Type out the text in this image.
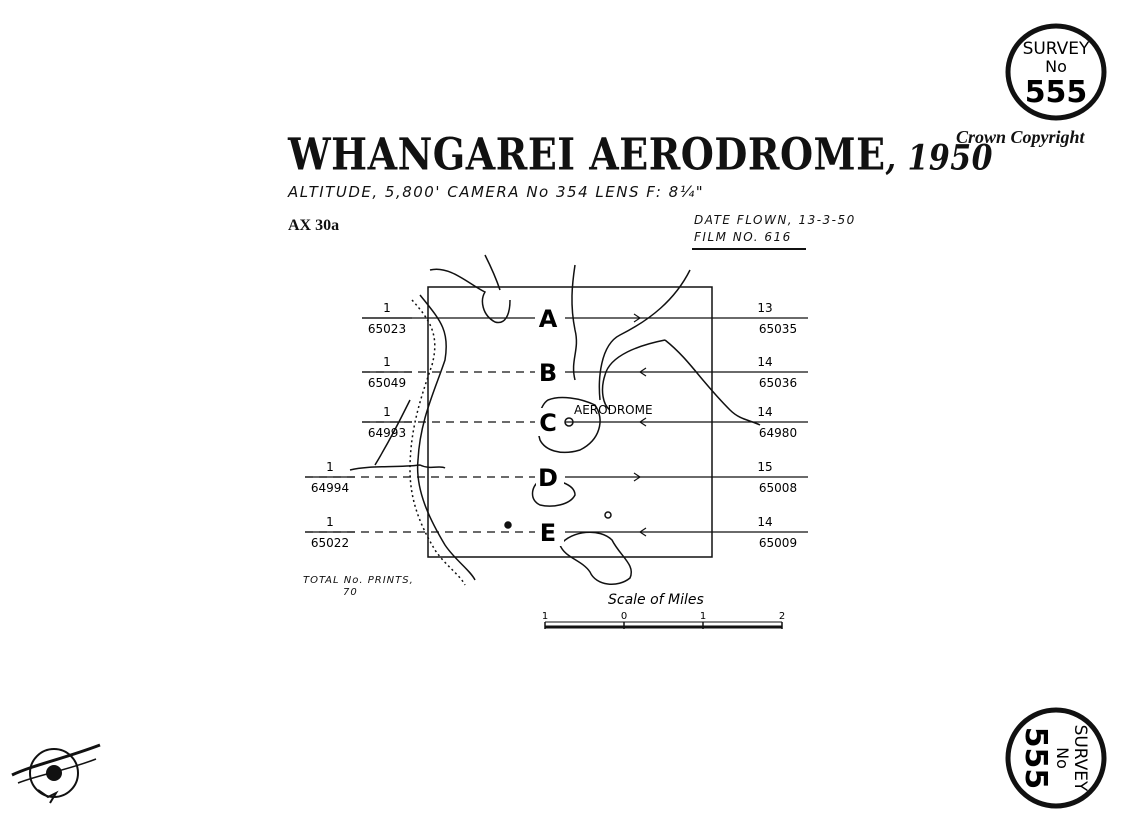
SURVEY
No
555
Crown Copyright
WHANGAREI AERODROME, 1950
ALTITUDE, 5,800' CAMERA No 354 LENS F: 8¼"
AX 30a	DATE FLOWN, 13-3-50
FILM NO. 616
1
65023
13
65035
A
1
65049
14
65036
B
1
64993
14
64980
C
1
64994
15
65008
D
1
65022
14
65009
E
AERODROME
Scale of Miles
1	0	1	2
TOTAL No. PRINTS,
70
SURVEY
No
555
